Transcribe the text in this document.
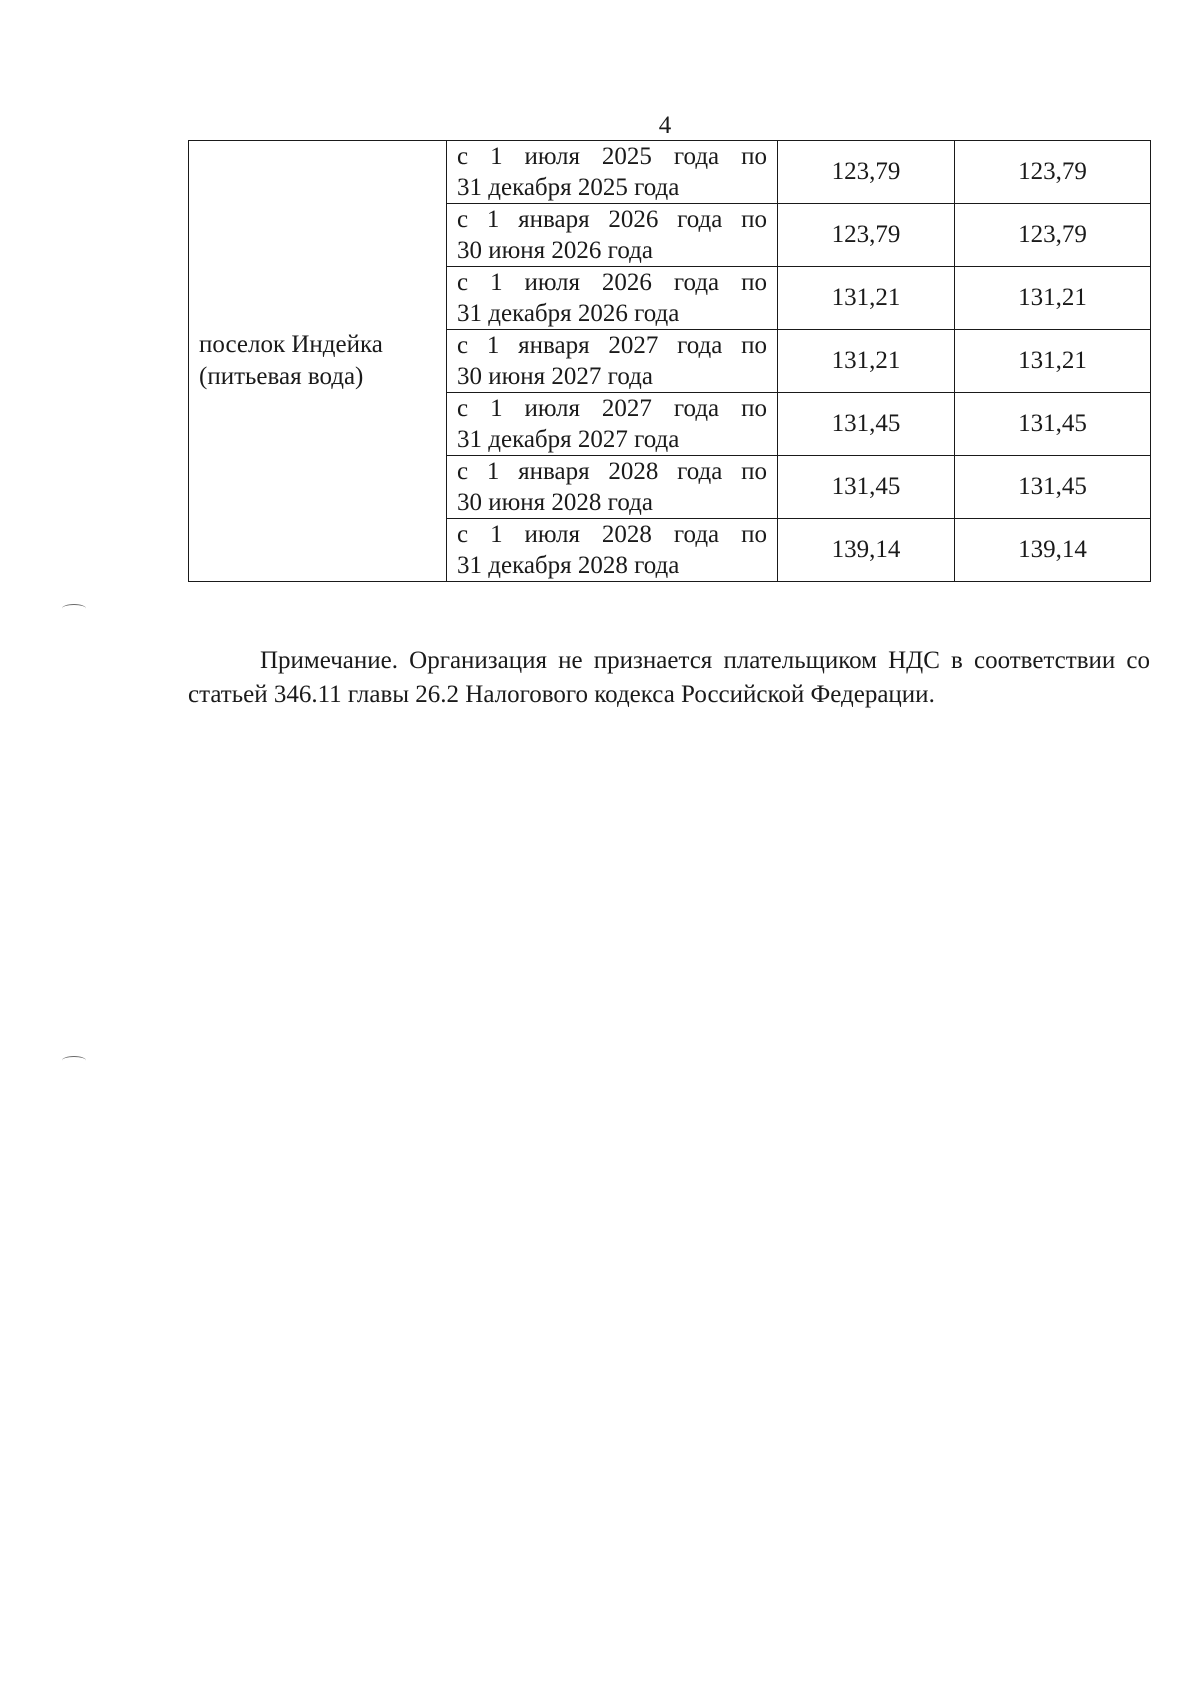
4
поселок Индейка
(питьевая вода)	с 1 июля 2025 года по
31 декабря 2025 года	123,79	123,79

	с 1 января 2026 года по
30 июня 2026 года	123,79	123,79

	с 1 июля 2026 года по
31 декабря 2026 года	131,21	131,21

	с 1 января 2027 года по
30 июня 2027 года	131,21	131,21

	с 1 июля 2027 года по
31 декабря 2027 года	131,45	131,45

	с 1 января 2028 года по
30 июня 2028 года	131,45	131,45

	с 1 июля 2028 года по
31 декабря 2028 года	139,14	139,14

Примечание. Организация не признается плательщиком НДС в соответствии со статьей 346.11 главы 26.2 Налогового кодекса Российской Федерации.
